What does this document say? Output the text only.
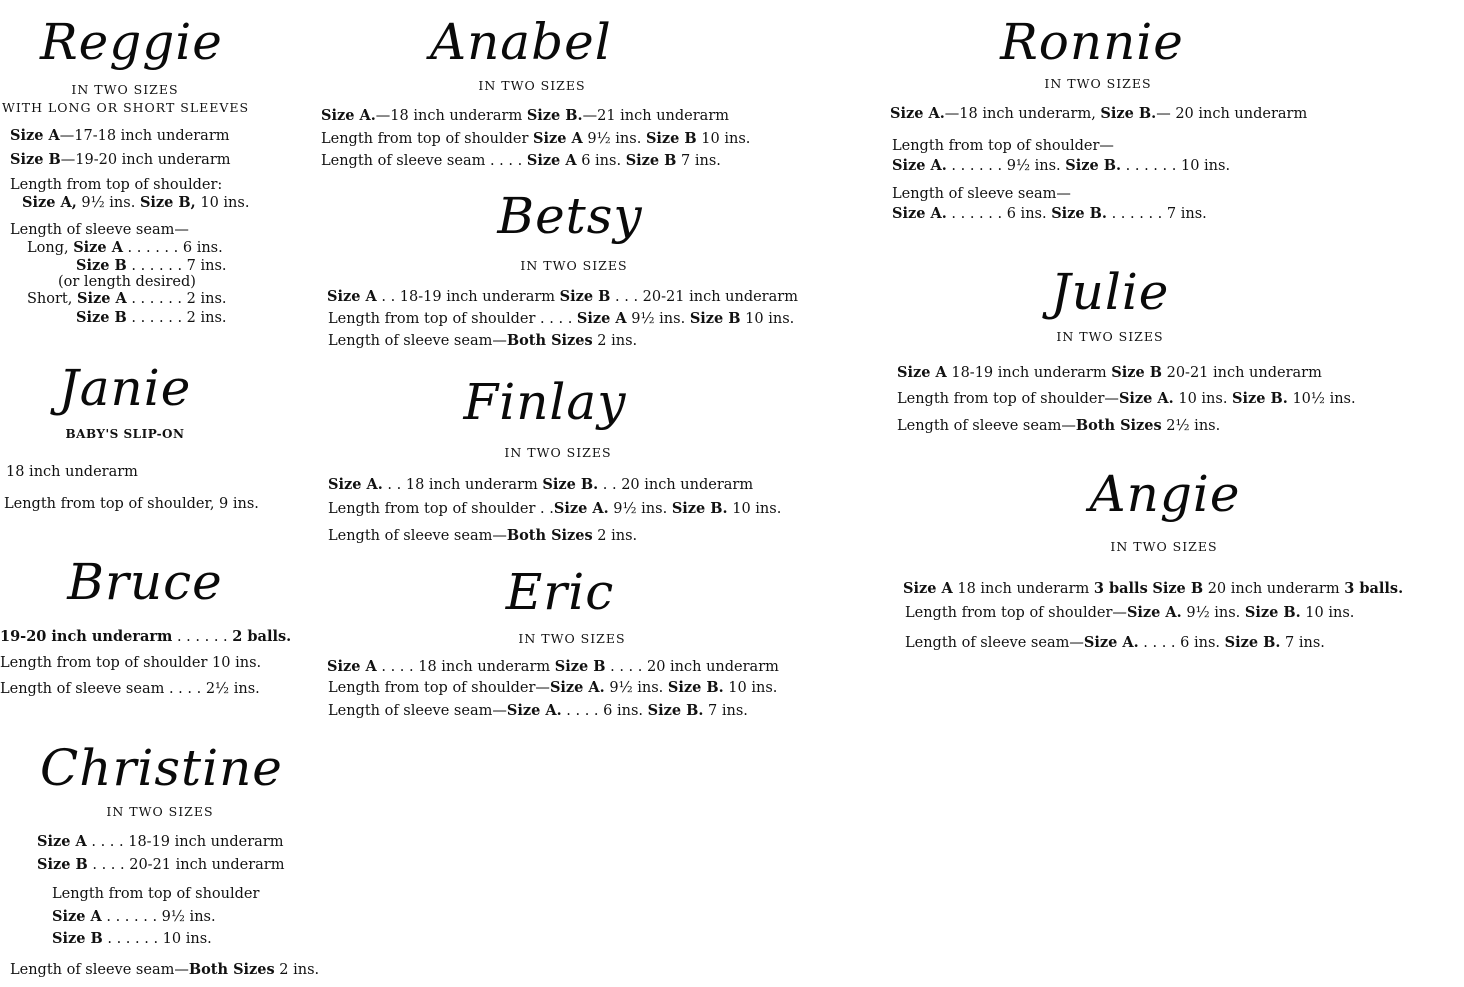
Reggie
IN TWO SIZES
WITH LONG OR SHORT SLEEVES
Size A—17-18 inch underarm
Size B—19-20 inch underarm
Length from top of shoulder:
Size A, 9½ ins. Size B, 10 ins.
Length of sleeve seam—
Long, Size A . . . . . . 6 ins.
Size B . . . . . . 7 ins.
(or length desired)
Short, Size A . . . . . . 2 ins.
Size B . . . . . . 2 ins.
Janie
BABY'S SLIP-ON
18 inch underarm
Length from top of shoulder, 9 ins.
Bruce
19-20 inch underarm . . . . . . 2 balls.
Length from top of shoulder 10 ins.
Length of sleeve seam . . . . 2½ ins.
Christine
IN TWO SIZES
Size A . . . . 18-19 inch underarm
Size B . . . . 20-21 inch underarm
Length from top of shoulder
Size A . . . . . . 9½ ins.
Size B . . . . . . 10 ins.
Length of sleeve seam—Both Sizes 2 ins.
Anabel
IN TWO SIZES
Size A.—18 inch underarm Size B.—21 inch underarm
Length from top of shoulder Size A 9½ ins. Size B 10 ins.
Length of sleeve seam . . . . Size A 6 ins. Size B 7 ins.
Betsy
IN TWO SIZES
Size A . . 18-19 inch underarm Size B . . . 20-21 inch underarm
Length from top of shoulder . . . . Size A 9½ ins. Size B 10 ins.
Length of sleeve seam—Both Sizes 2 ins.
Finlay
IN TWO SIZES
Size A. . . 18 inch underarm Size B. . . 20 inch underarm
Length from top of shoulder . .Size A. 9½ ins. Size B. 10 ins.
Length of sleeve seam—Both Sizes 2 ins.
Eric
IN TWO SIZES
Size A . . . . 18 inch underarm Size B . . . . 20 inch underarm
Length from top of shoulder—Size A. 9½ ins. Size B. 10 ins.
Length of sleeve seam—Size A. . . . . 6 ins. Size B. 7 ins.
Ronnie
IN TWO SIZES
Size A.—18 inch underarm, Size B.— 20 inch underarm
Length from top of shoulder—
Size A. . . . . . . 9½ ins. Size B. . . . . . . 10 ins.
Length of sleeve seam—
Size A. . . . . . . 6 ins. Size B. . . . . . . 7 ins.
Julie
IN TWO SIZES
Size A 18-19 inch underarm Size B 20-21 inch underarm
Length from top of shoulder—Size A. 10 ins. Size B. 10½ ins.
Length of sleeve seam—Both Sizes 2½ ins.
Angie
IN TWO SIZES
Size A 18 inch underarm 3 balls Size B 20 inch underarm 3 balls.
Length from top of shoulder—Size A. 9½ ins. Size B. 10 ins.
Length of sleeve seam—Size A. . . . . 6 ins. Size B. 7 ins.
